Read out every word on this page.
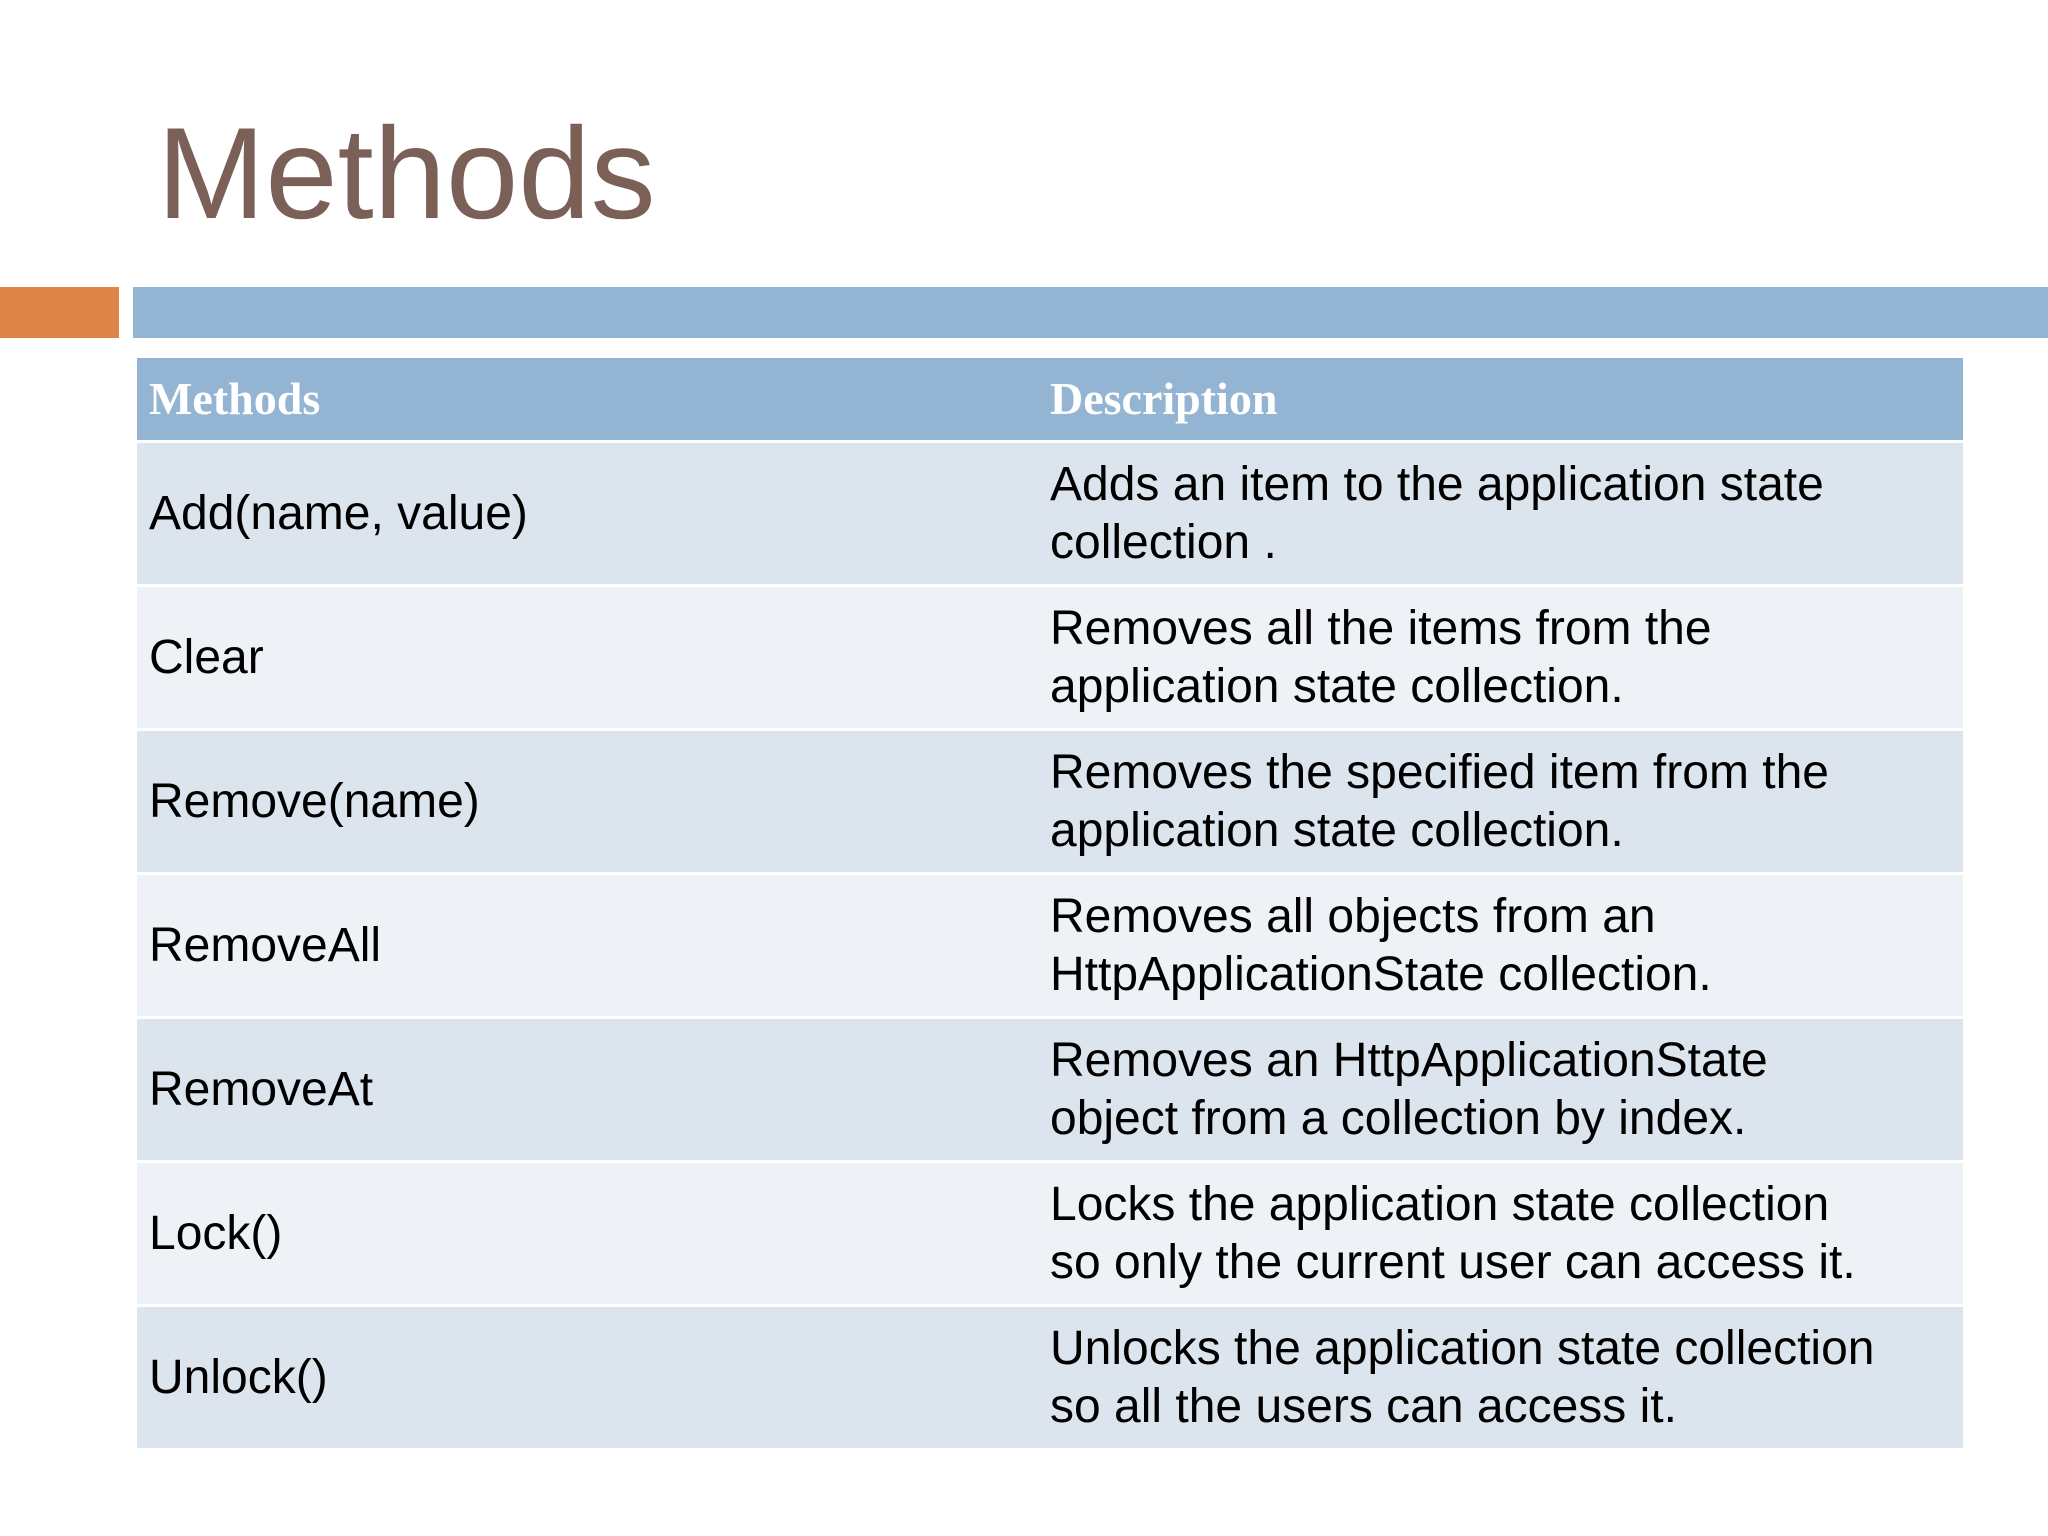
Methods
Methods	Description
Add(name, value)
Adds an item to the application state
collection .
Clear
Removes all the items from the
application state collection.
Remove(name)
Removes the specified item from the
application state collection.
RemoveAll
Removes all objects from an
HttpApplicationState collection.
RemoveAt
Removes an HttpApplicationState
object from a collection by index.
Lock()
Locks the application state collection
so only the current user can access it.
Unlock()
Unlocks the application state collection
so all the users can access it.
